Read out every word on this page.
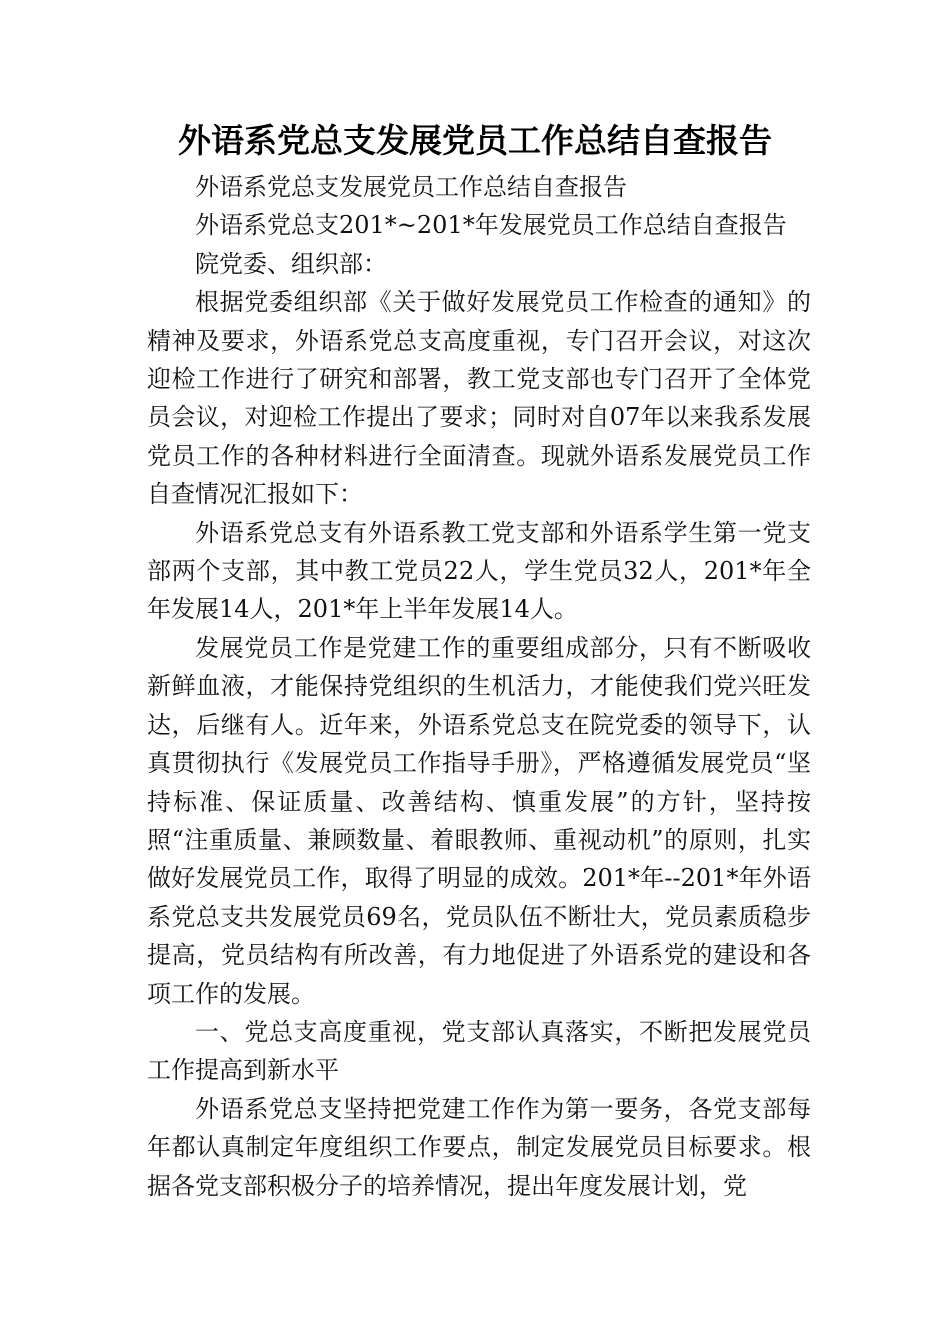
外语系党总支发展党员工作总结自查报告

外语系党总支发展党员工作总结自查报告

外语系党总支201*~201*年发展党员工作总结自查报告

院党委、组织部：

根据党委组织部《关于做好发展党员工作检查的通知》的精神及要求，外语系党总支高度重视，专门召开会议，对这次迎检工作进行了研究和部署，教工党支部也专门召开了全体党员会议，对迎检工作提出了要求；同时对自07年以来我系发展党员工作的各种材料进行全面清查。现就外语系发展党员工作自查情况汇报如下：

外语系党总支有外语系教工党支部和外语系学生第一党支部两个支部，其中教工党员22人，学生党员32人，201*年全年发展14人，201*年上半年发展14人。

发展党员工作是党建工作的重要组成部分，只有不断吸收新鲜血液，才能保持党组织的生机活力，才能使我们党兴旺发达，后继有人。近年来，外语系党总支在院党委的领导下，认真贯彻执行《发展党员工作指导手册》，严格遵循发展党员“坚持标准、保证质量、改善结构、慎重发展”的方针，坚持按照“注重质量、兼顾数量、着眼教师、重视动机”的原则，扎实做好发展党员工作，取得了明显的成效。201*年--201*年外语系党总支共发展党员69名，党员队伍不断壮大，党员素质稳步提高，党员结构有所改善，有力地促进了外语系党的建设和各项工作的发展。

一、党总支高度重视，党支部认真落实，不断把发展党员工作提高到新水平

外语系党总支坚持把党建工作作为第一要务，各党支部每年都认真制定年度组织工作要点，制定发展党员目标要求。根据各党支部积极分子的培养情况，提出年度发展计划，党
